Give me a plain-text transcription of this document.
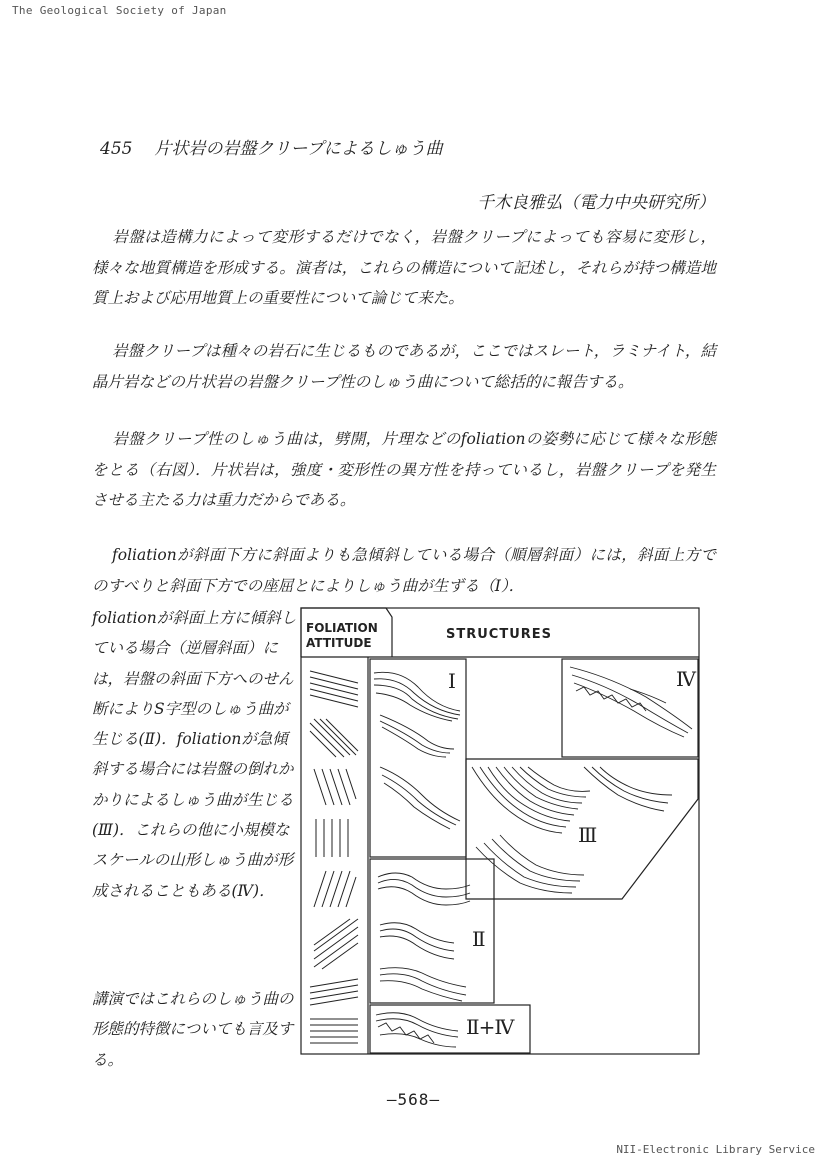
The Geological Society of Japan
455 片状岩の岩盤クリープによるしゅう曲
千木良雅弘（電力中央研究所）

岩盤は造構力によって変形するだけでなく，岩盤クリープによっても容易に変形し，様々な地質構造を形成する。演者は，これらの構造について記述し，それらが持つ構造地質上および応用地質上の重要性について論じて来た。

岩盤クリープは種々の岩石に生じるものであるが，ここではスレート，ラミナイト，結晶片岩などの片状岩の岩盤クリープ性のしゅう曲について総括的に報告する。

岩盤クリープ性のしゅう曲は，劈開，片理などのfoliationの姿勢に応じて様々な形態をとる（右図）．片状岩は，強度・変形性の異方性を持っているし，岩盤クリープを発生させる主たる力は重力だからである。

foliationが斜面下方に斜面よりも急傾斜している場合（順層斜面）には，斜面上方でのすべりと斜面下方での座屈とによりしゅう曲が生ずる（Ⅰ）．

foliationが斜面上方に傾斜している場合（逆層斜面）には，岩盤の斜面下方へのせん断によりS字型のしゅう曲が生じる(Ⅱ)．foliationが急傾斜する場合には岩盤の倒れかかりによるしゅう曲が生じる(Ⅲ)．これらの他に小規模なスケールの山形しゅう曲が形成されることもある(Ⅳ)．

講演ではこれらのしゅう曲の形態的特徴についても言及する。

FOLIATION ATTITUDE
STRUCTURES
Ⅰ	Ⅳ
Ⅲ
Ⅱ
Ⅱ+Ⅳ
—568—
NII-Electronic Library Service
